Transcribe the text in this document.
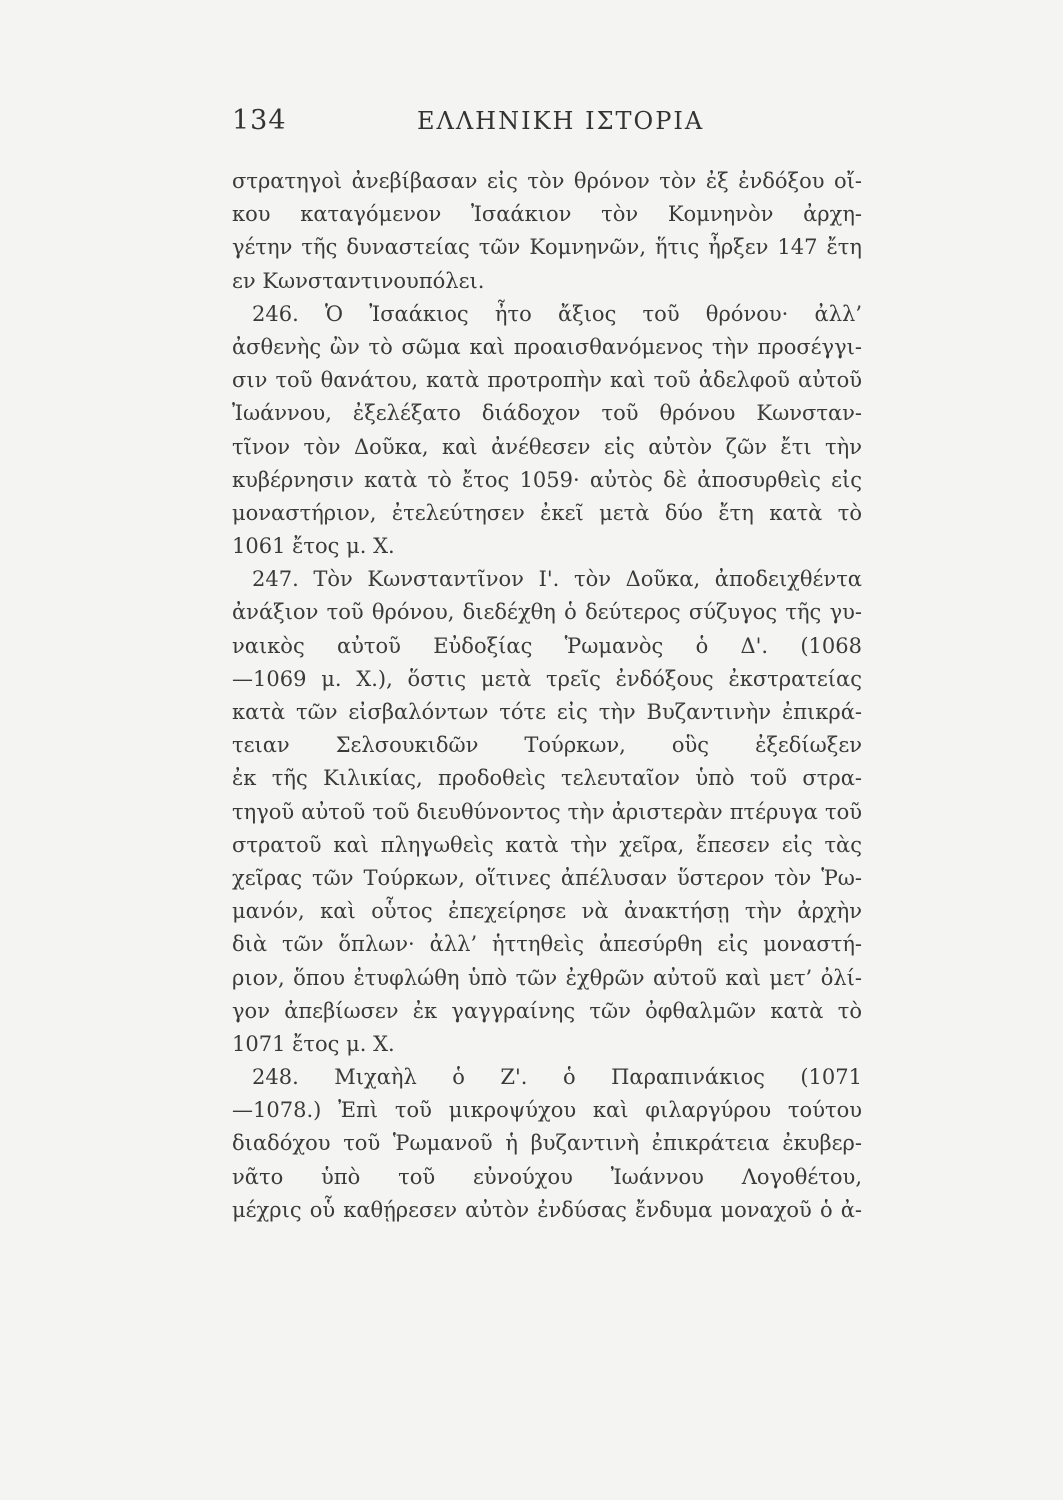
134	ΕΛΛΗΝΙΚΗ ΙΣΤΟΡΙΑ
στρατηγοὶ ἀνεβίβασαν εἰς τὸν θρόνον τὸν ἐξ ἐνδόξου οἴ-
κου καταγόμενον Ἰσαάκιον τὸν Κομνηνὸν ἀρχη-
γέτην τῆς δυναστείας τῶν Κομνηνῶν, ἥτις ἦρξεν 147 ἔτη
εν Κωνσταντινουπόλει.
246. Ὁ Ἰσαάκιος ἦτο ἄξιος τοῦ θρόνου· ἀλλ’
ἀσθενὴς ὢν τὸ σῶμα καὶ προαισθανόμενος τὴν προσέγγι-
σιν τοῦ θανάτου, κατὰ προτροπὴν καὶ τοῦ ἀδελφοῦ αὐτοῦ
Ἰωάννου, ἐξελέξατο διάδοχον τοῦ θρόνου Κωνσταν-
τῖνον τὸν Δοῦκα, καὶ ἀνέθεσεν εἰς αὐτὸν ζῶν ἔτι τὴν
κυβέρνησιν κατὰ τὸ ἔτος 1059· αὐτὸς δὲ ἀποσυρθεὶς εἰς
μοναστήριον, ἐτελεύτησεν ἐκεῖ μετὰ δύο ἔτη κατὰ τὸ
1061 ἔτος μ. Χ.
247. Τὸν Κωνσταντῖνον Ι'. τὸν Δοῦκα, ἀποδειχθέντα
ἀνάξιον τοῦ θρόνου, διεδέχθη ὁ δεύτερος σύζυγος τῆς γυ-
ναικὸς αὐτοῦ Εὐδοξίας Ῥωμανὸς ὁ Δ'. (1068
—1069 μ. Χ.), ὅστις μετὰ τρεῖς ἐνδόξους ἐκστρατείας
κατὰ τῶν εἰσβαλόντων τότε εἰς τὴν Βυζαντινὴν ἐπικρά-
τειαν Σελσουκιδῶν Τούρκων, οὓς ἐξεδίωξεν
ἐκ τῆς Κιλικίας, προδοθεὶς τελευταῖον ὑπὸ τοῦ στρα-
τηγοῦ αὐτοῦ τοῦ διευθύνοντος τὴν ἀριστερὰν πτέρυγα τοῦ
στρατοῦ καὶ πληγωθεὶς κατὰ τὴν χεῖρα, ἔπεσεν εἰς τὰς
χεῖρας τῶν Τούρκων, οἵτινες ἀπέλυσαν ὕστερον τὸν Ῥω-
μανόν, καὶ οὗτος ἐπεχείρησε νὰ ἀνακτήσῃ τὴν ἀρχὴν
διὰ τῶν ὅπλων· ἀλλ’ ἡττηθεὶς ἀπεσύρθη εἰς μοναστή-
ριον, ὅπου ἐτυφλώθη ὑπὸ τῶν ἐχθρῶν αὐτοῦ καὶ μετ’ ὀλί-
γον ἀπεβίωσεν ἐκ γαγγραίνης τῶν ὀφθαλμῶν κατὰ τὸ
1071 ἔτος μ. Χ.
248. Μιχαὴλ ὁ Ζ'. ὁ Παραπινάκιος (1071
—1078.) Ἐπὶ τοῦ μικροψύχου καὶ φιλαργύρου τούτου
διαδόχου τοῦ Ῥωμανοῦ ἡ βυζαντινὴ ἐπικράτεια ἐκυβερ-
νᾶτο ὑπὸ τοῦ εὐνούχου Ἰωάννου Λογοθέτου,
μέχρις οὗ καθῄρεσεν αὐτὸν ἐνδύσας ἔνδυμα μοναχοῦ ὁ ἀ-
